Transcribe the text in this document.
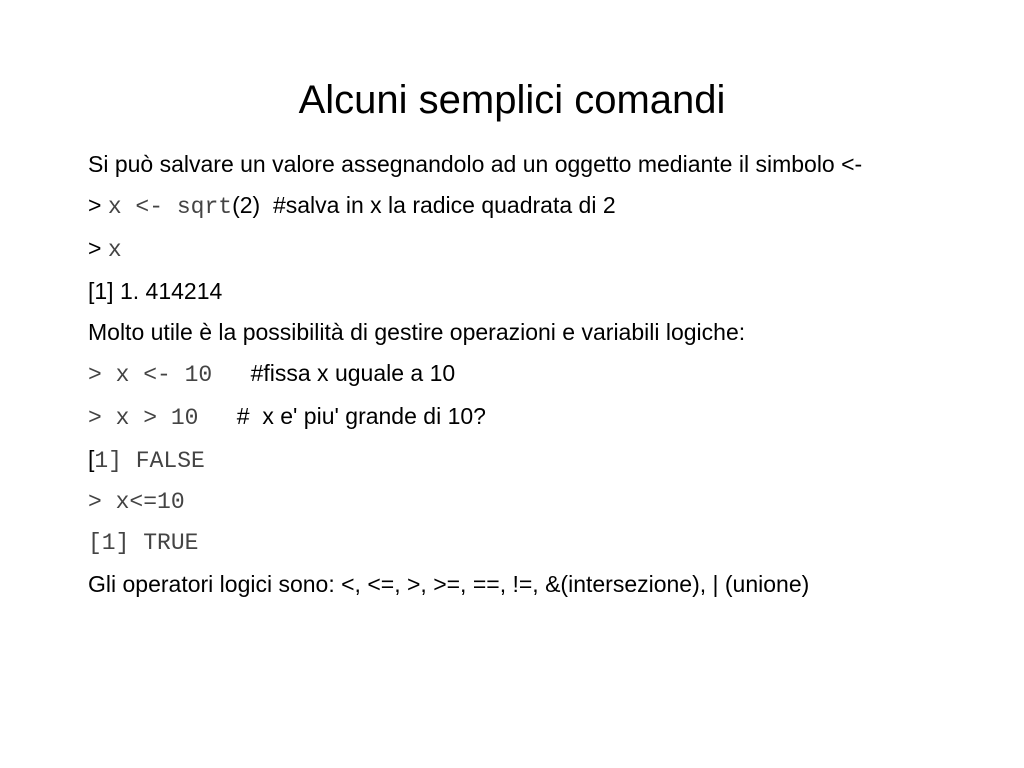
Alcuni semplici comandi

Si può salvare un valore assegnandolo ad un oggetto mediante il simbolo <-

> x <- sqrt(2)  #salva in x la radice quadrata di 2

> x

[1] 1. 414214

Molto utile è la possibilità di gestire operazioni e variabili logiche:

> x <- 10      #fissa x uguale a 10

> x > 10      #  x e' piu' grande di 10?

[1] FALSE

> x<=10

[1] TRUE

Gli operatori logici sono: <, <=, >, >=, ==, !=, &(intersezione), | (unione)
